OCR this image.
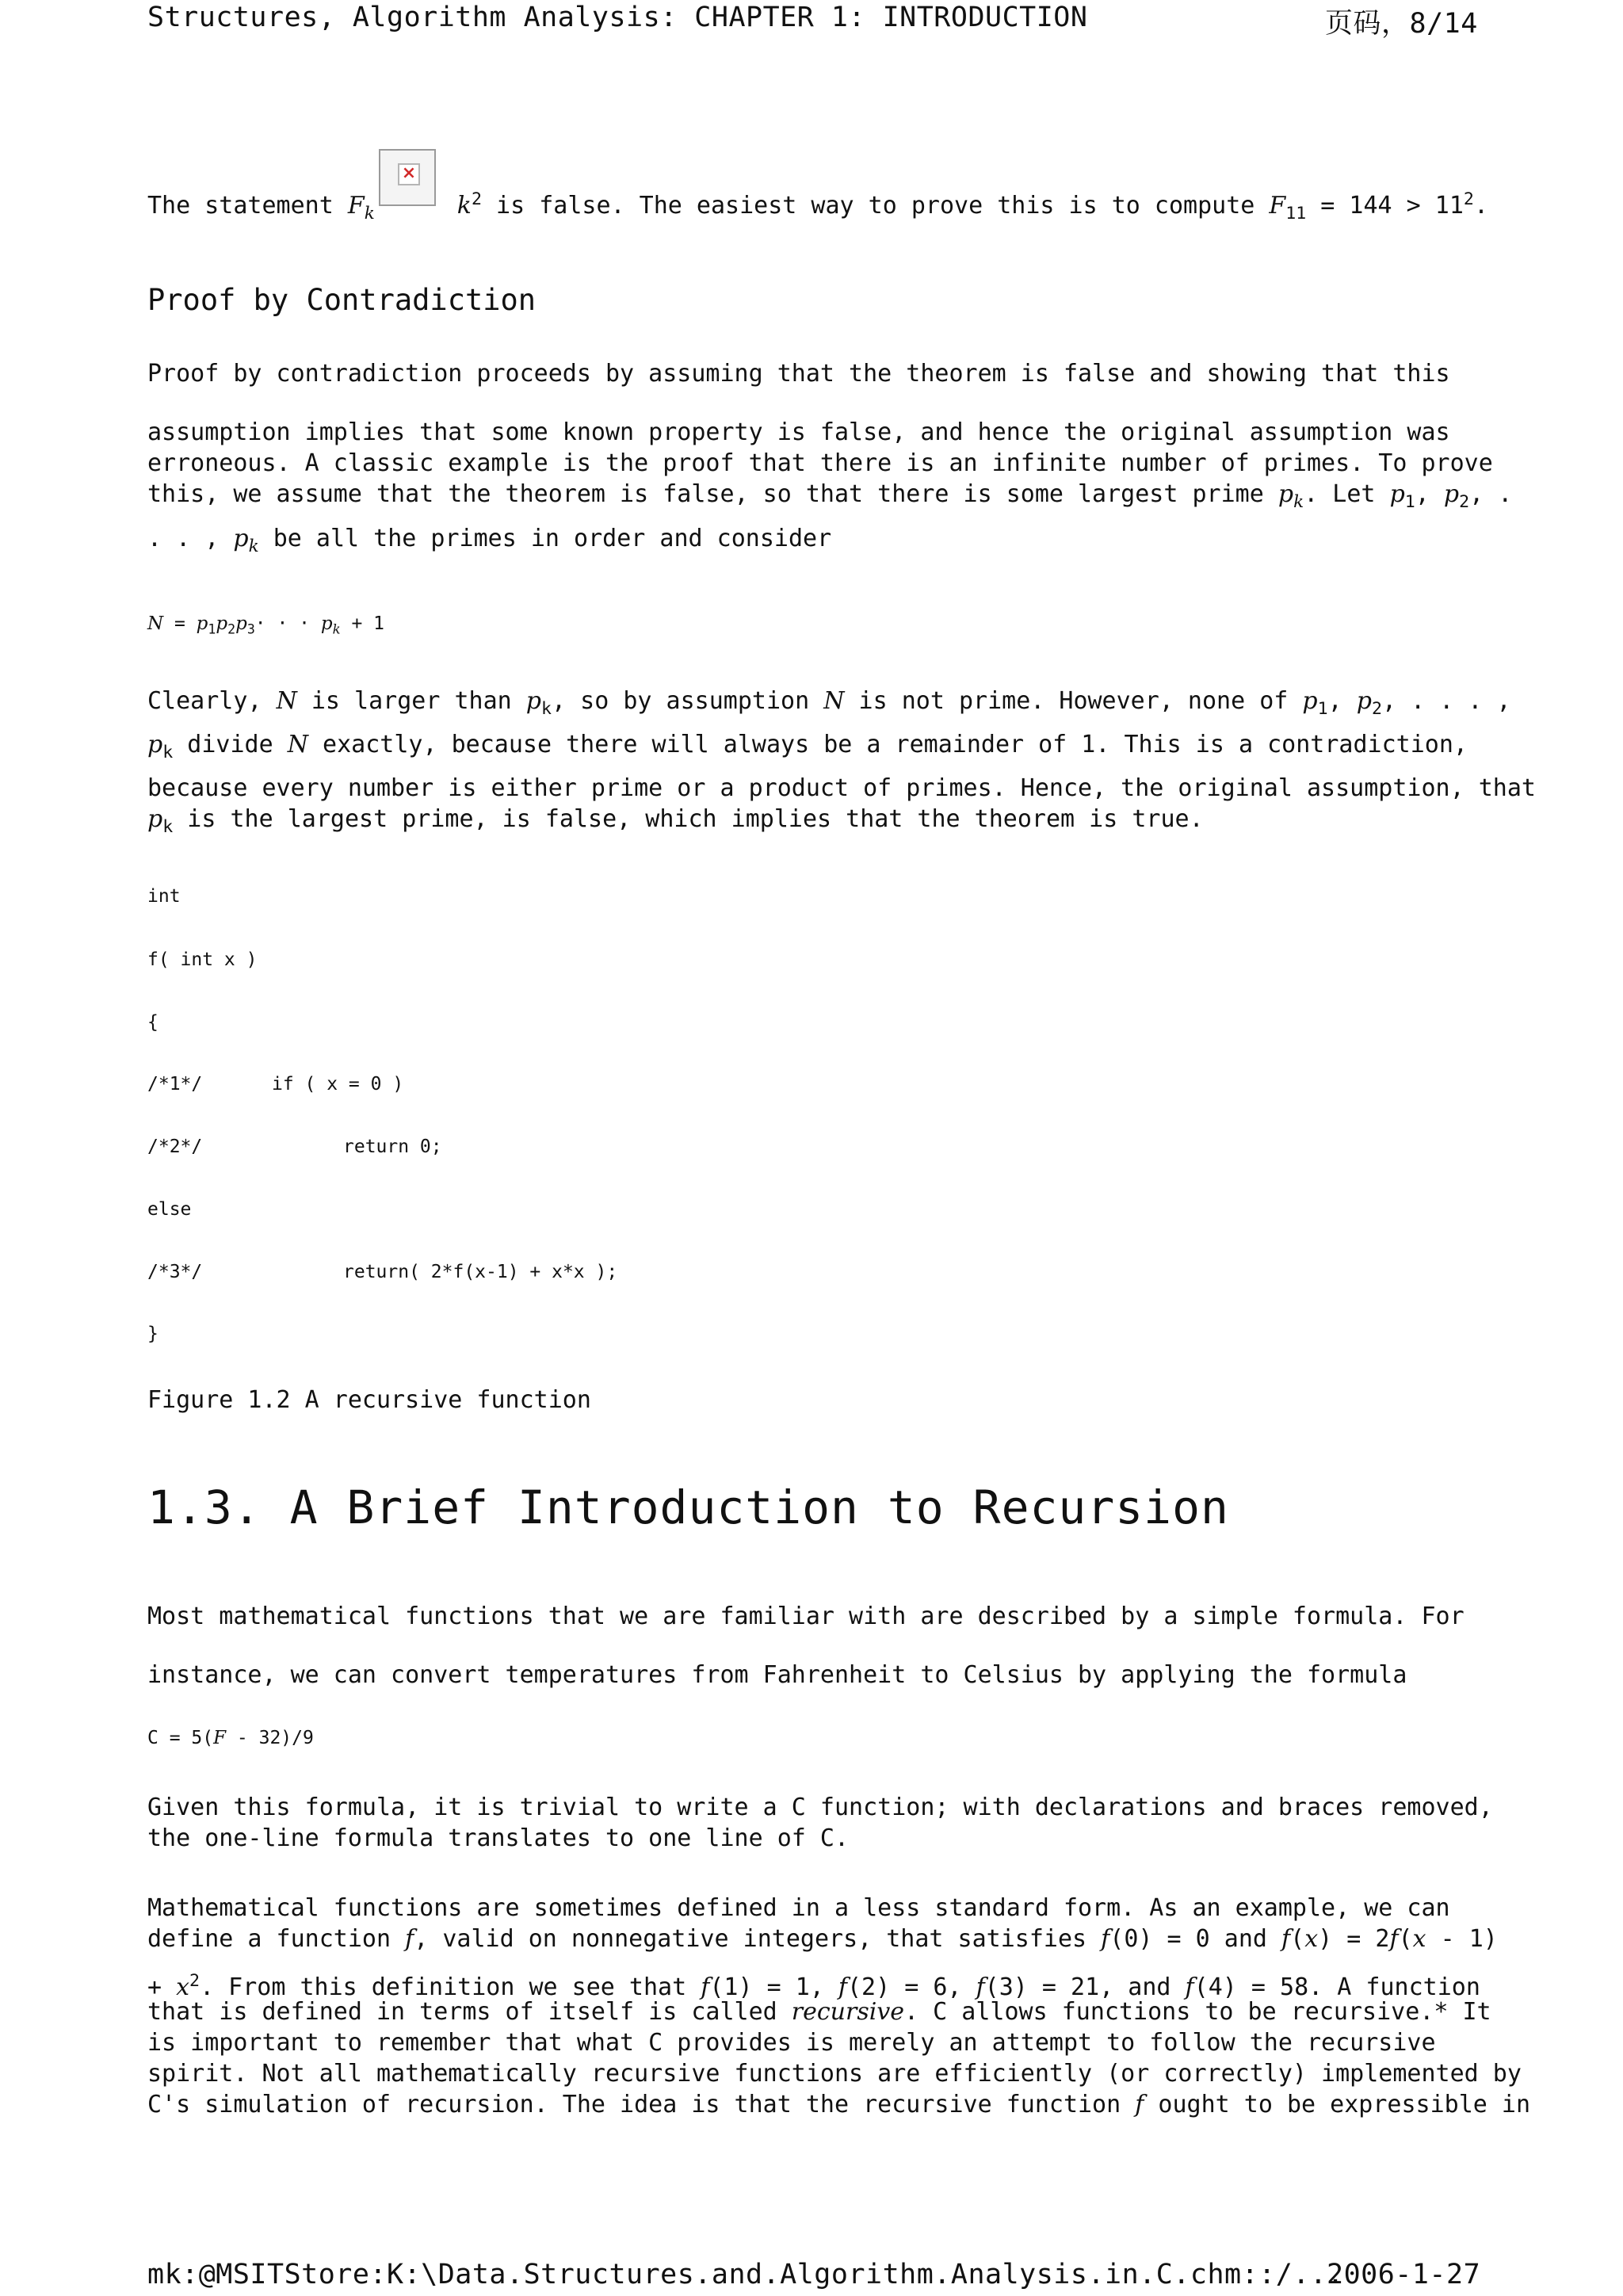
Structures, Algorithm Analysis: CHAPTER 1: INTRODUCTION	页码，8/14
The statement $F_k$	$k^2$ is false. The easiest way to prove this is to compute $F_{11} = 144 > 11^2$.
×
Proof by Contradiction
Proof by contradiction proceeds by assuming that the theorem is false and showing that this
assumption implies that some known property is false, and hence the original assumption was
erroneous. A classic example is the proof that there is an infinite number of primes. To prove
this, we assume that the theorem is false, so that there is some largest prime $p_k$. Let $p_1$, $p_2$, .
. . , $p_k$ be all the primes in order and consider
$N = p_1p_2p_3\cdot$ · · $p_k + 1$
Clearly, N is larger than $p_k$, so by assumption N is not prime. However, none of $p_1$, $p_2$, . . . ,
$p_k$ divide N exactly, because there will always be a remainder of 1. This is a contradiction,
because every number is either prime or a product of primes. Hence, the original assumption, that
$p_k$ is the largest prime, is false, which implies that the theorem is true.
int
f( int x )
{
/*1*/	if ( x = 0 )
/*2*/	return 0;
else
/*3*/	return( 2*f(x-1) + x*x );
}
Figure 1.2 A recursive function
1.3. A Brief Introduction to Recursion
Most mathematical functions that we are familiar with are described by a simple formula. For
instance, we can convert temperatures from Fahrenheit to Celsius by applying the formula
C = 5(F - 32)/9
Given this formula, it is trivial to write a C function; with declarations and braces removed,
the one-line formula translates to one line of C.
Mathematical functions are sometimes defined in a less standard form. As an example, we can
define a function f, valid on nonnegative integers, that satisfies f(0) = 0 and f(x) = 2f(x - 1)
+ $x^2$. From this definition we see that f(1) = 1, f(2) = 6, f(3) = 21, and f(4) = 58. A function
that is defined in terms of itself is called recursive. C allows functions to be recursive.* It
is important to remember that what C provides is merely an attempt to follow the recursive
spirit. Not all mathematically recursive functions are efficiently (or correctly) implemented by
C's simulation of recursion. The idea is that the recursive function f ought to be expressible in
mk:@MSITStore:K:\Data.Structures.and.Algorithm.Analysis.in.C.chm::/...
2006-1-27
